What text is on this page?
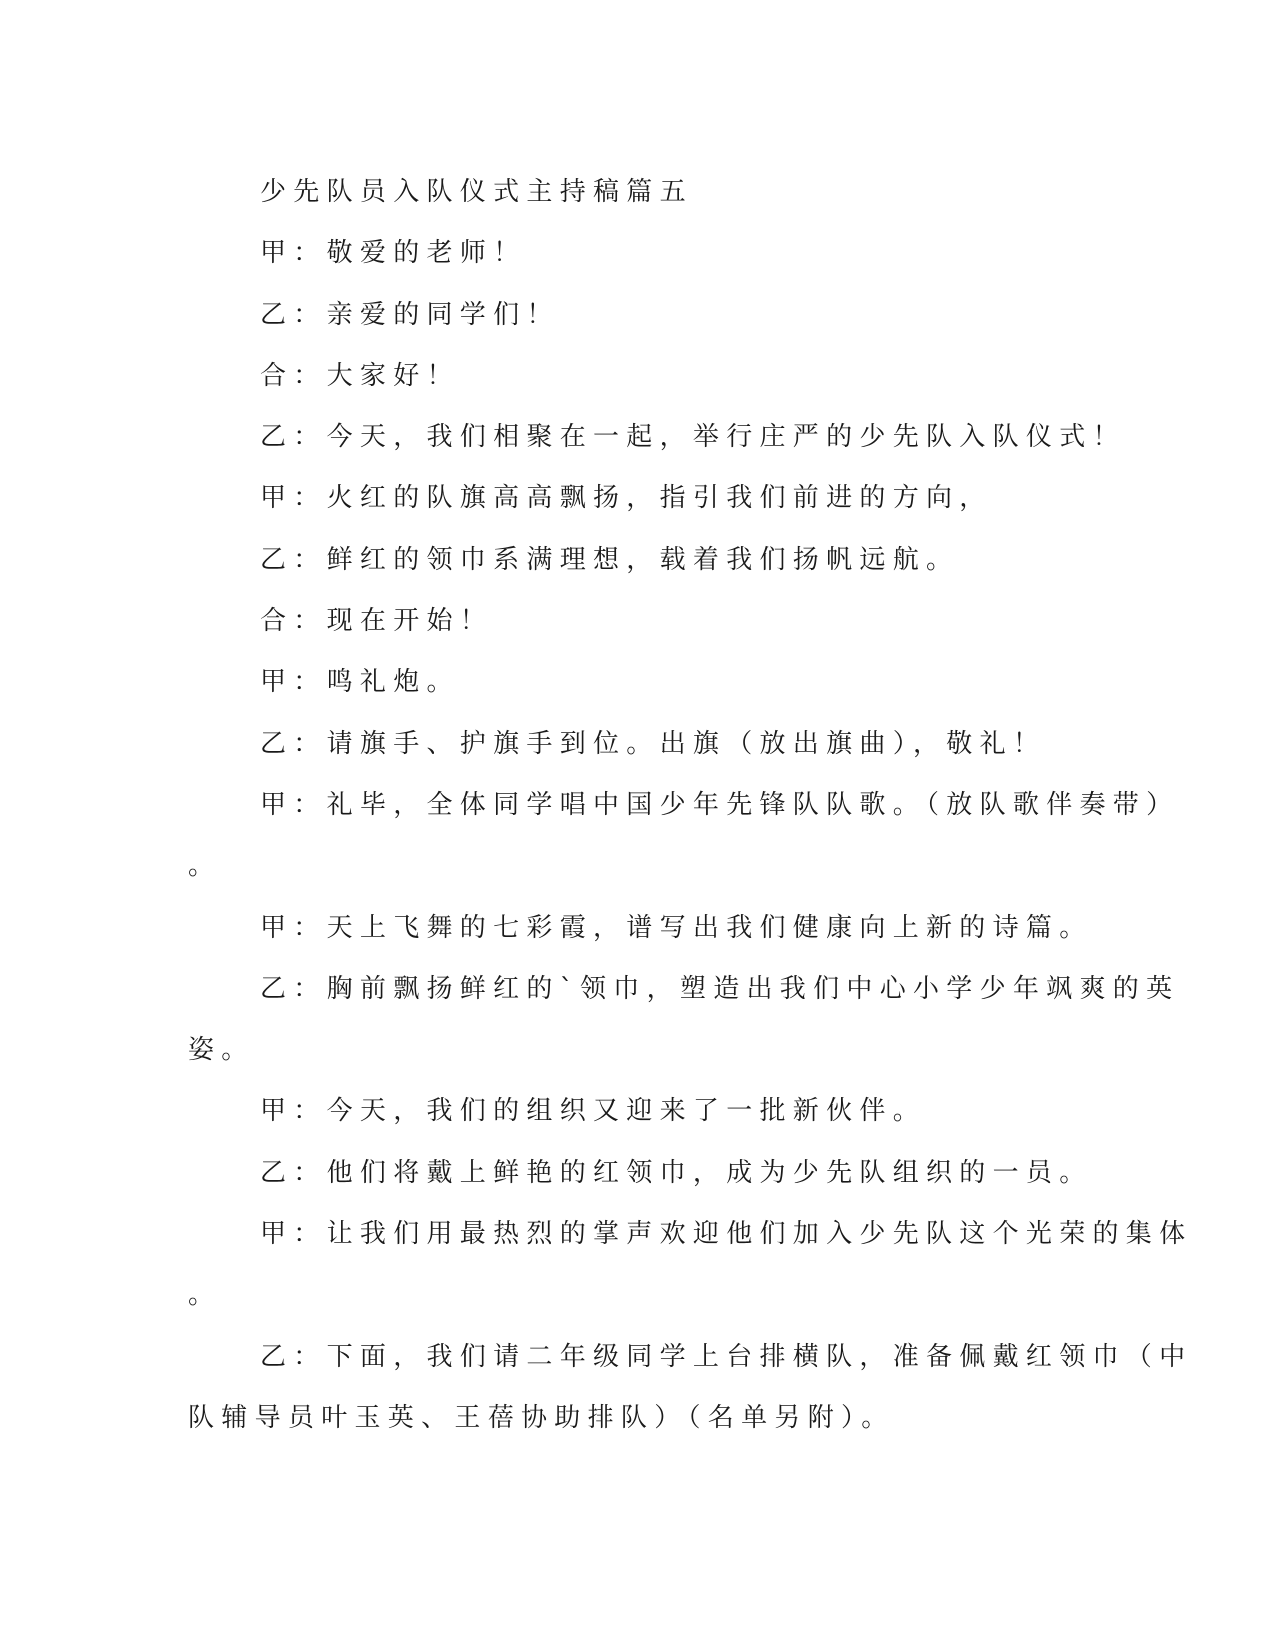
少先队员入队仪式主持稿篇五
甲：敬爱的老师！
乙：亲爱的同学们！
合：大家好！
乙：今天，我们相聚在一起，举行庄严的少先队入队仪式！
甲：火红的队旗高高飘扬，指引我们前进的方向，
乙：鲜红的领巾系满理想，载着我们扬帆远航。
合：现在开始！
甲：鸣礼炮。
乙：请旗手、护旗手到位。出旗（放出旗曲），敬礼！
甲：礼毕，全体同学唱中国少年先锋队队歌。（放队歌伴奏带）
。
甲：天上飞舞的七彩霞，谱写出我们健康向上新的诗篇。
乙：胸前飘扬鲜红的`领巾，塑造出我们中心小学少年飒爽的英
姿。
甲：今天，我们的组织又迎来了一批新伙伴。
乙：他们将戴上鲜艳的红领巾，成为少先队组织的一员。
甲：让我们用最热烈的掌声欢迎他们加入少先队这个光荣的集体
。
乙：下面，我们请二年级同学上台排横队，准备佩戴红领巾（中
队辅导员叶玉英、王蓓协助排队）（名单另附）。
